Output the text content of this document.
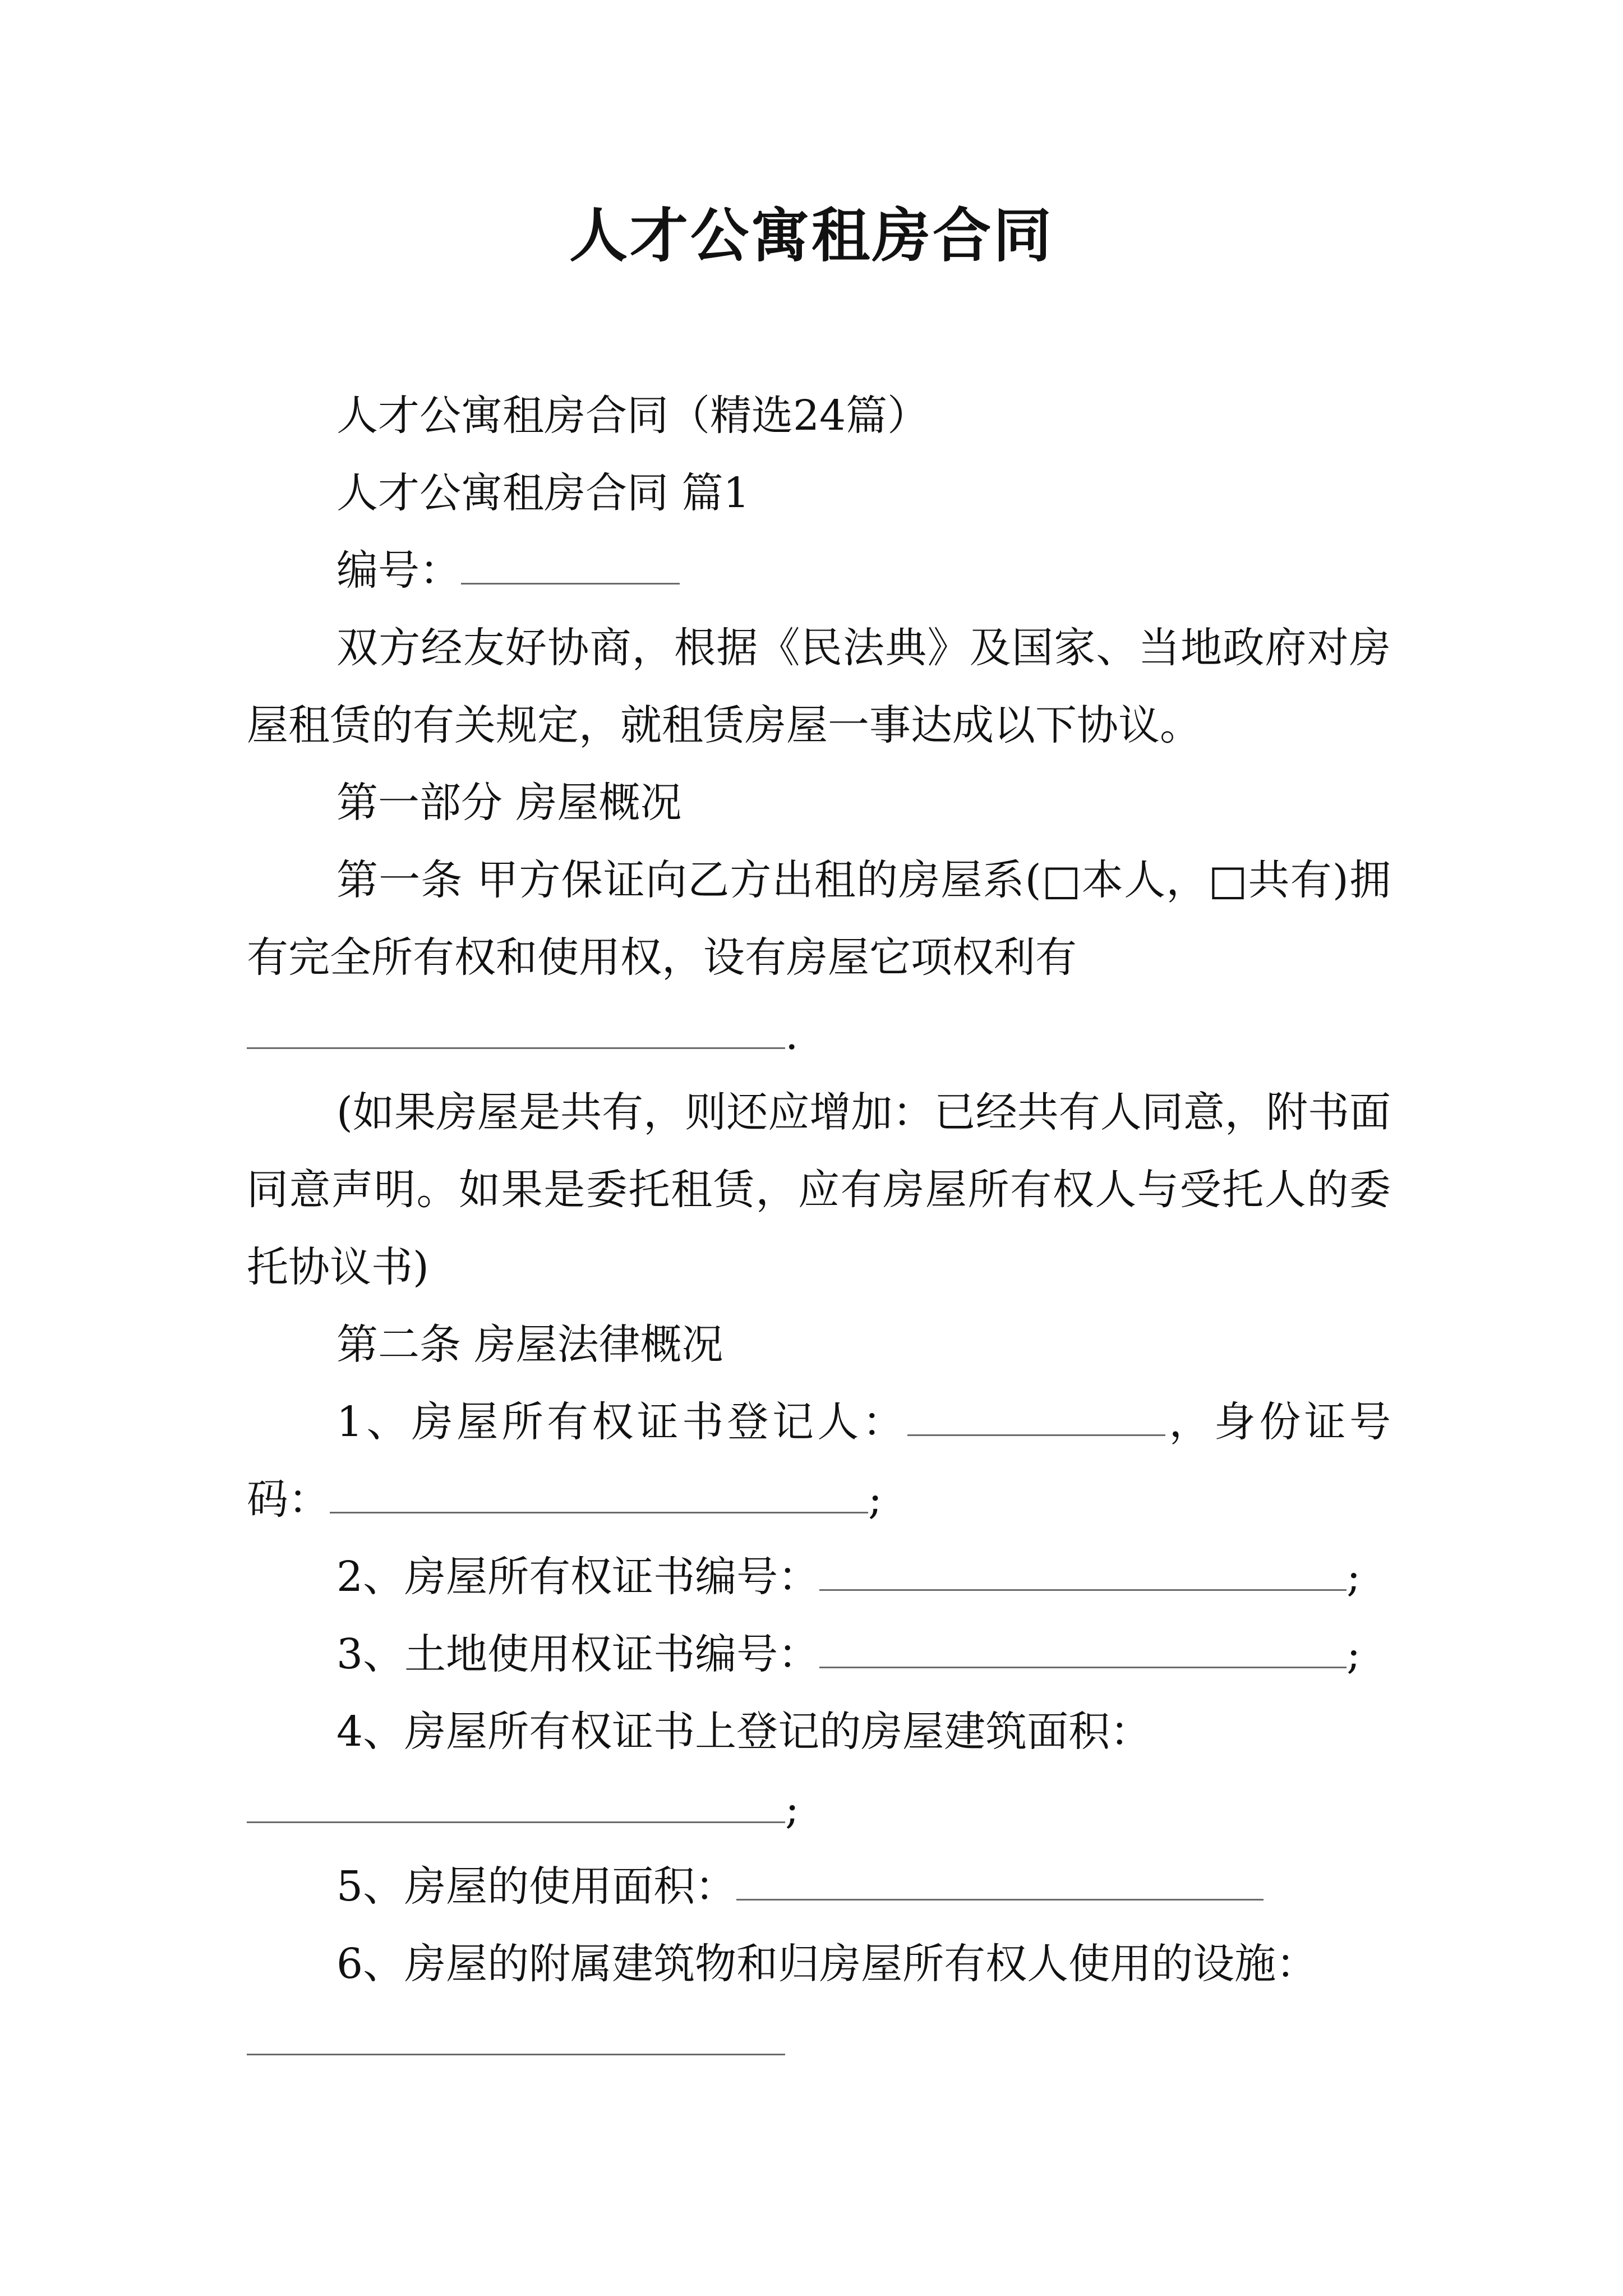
人才公寓租房合同

人才公寓租房合同（精选24篇）

人才公寓租房合同 篇1

编号：

双方经友好协商，根据《民法典》及国家、当地政府对房屋租赁的有关规定，就租赁房屋一事达成以下协议。

第一部分 房屋概况

第一条 甲方保证向乙方出租的房屋系(□本人，□共有)拥有完全所有权和使用权，设有房屋它项权利有

.

(如果房屋是共有，则还应增加：已经共有人同意，附书面同意声明。如果是委托租赁，应有房屋所有权人与受托人的委托协议书)

第二条 房屋法律概况

1、房屋所有权证书登记人：	，身份证号码：	;

2、房屋所有权证书编号：	;

3、土地使用权证书编号：	;

4、房屋所有权证书上登记的房屋建筑面积：

;

5、房屋的使用面积：

6、房屋的附属建筑物和归房屋所有权人使用的设施：
